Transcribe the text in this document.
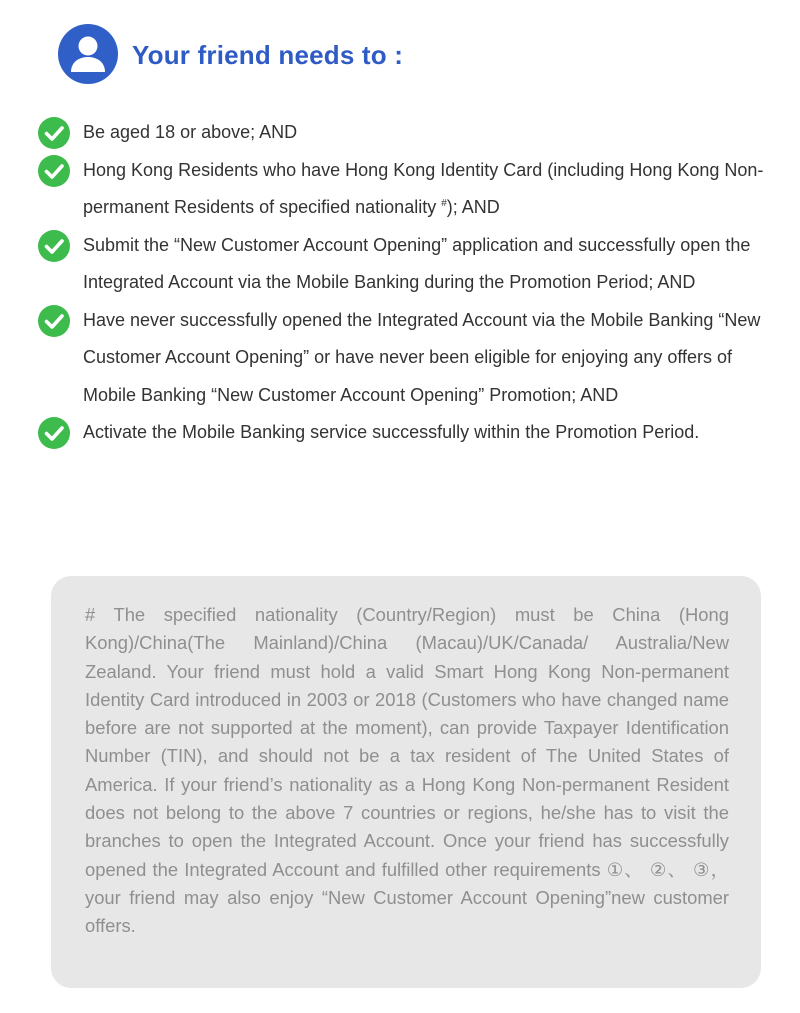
Your friend needs to :
Be aged 18 or above; AND
Hong Kong Residents who have Hong Kong Identity Card (including Hong Kong Non-permanent Residents of specified nationality #); AND
Submit the “New Customer Account Opening” application and successfully open the Integrated Account via the Mobile Banking during the Promotion Period; AND
Have never successfully opened the Integrated Account via the Mobile Banking “New Customer Account Opening” or have never been eligible for enjoying any offers of Mobile Banking “New Customer Account Opening” Promotion; AND
Activate the Mobile Banking service successfully within the Promotion Period.

# The specified nationality (Country/Region) must be China (Hong Kong)/China(The Mainland)/China (Macau)/UK/Canada/ Australia/New Zealand. Your friend must hold a valid Smart Hong Kong Non-permanent Identity Card introduced in 2003 or 2018 (Customers who have changed name before are not supported at the moment), can provide Taxpayer Identification Number (TIN), and should not be a tax resident of The United States of America. If your friend’s nationality as a Hong Kong Non-permanent Resident does not belong to the above 7 countries or regions, he/she has to visit the branches to open the Integrated Account. Once your friend has successfully opened the Integrated Account and fulfilled other requirements ①、 ②、 ③，your friend may also enjoy “New Customer Account Opening”new customer offers.
